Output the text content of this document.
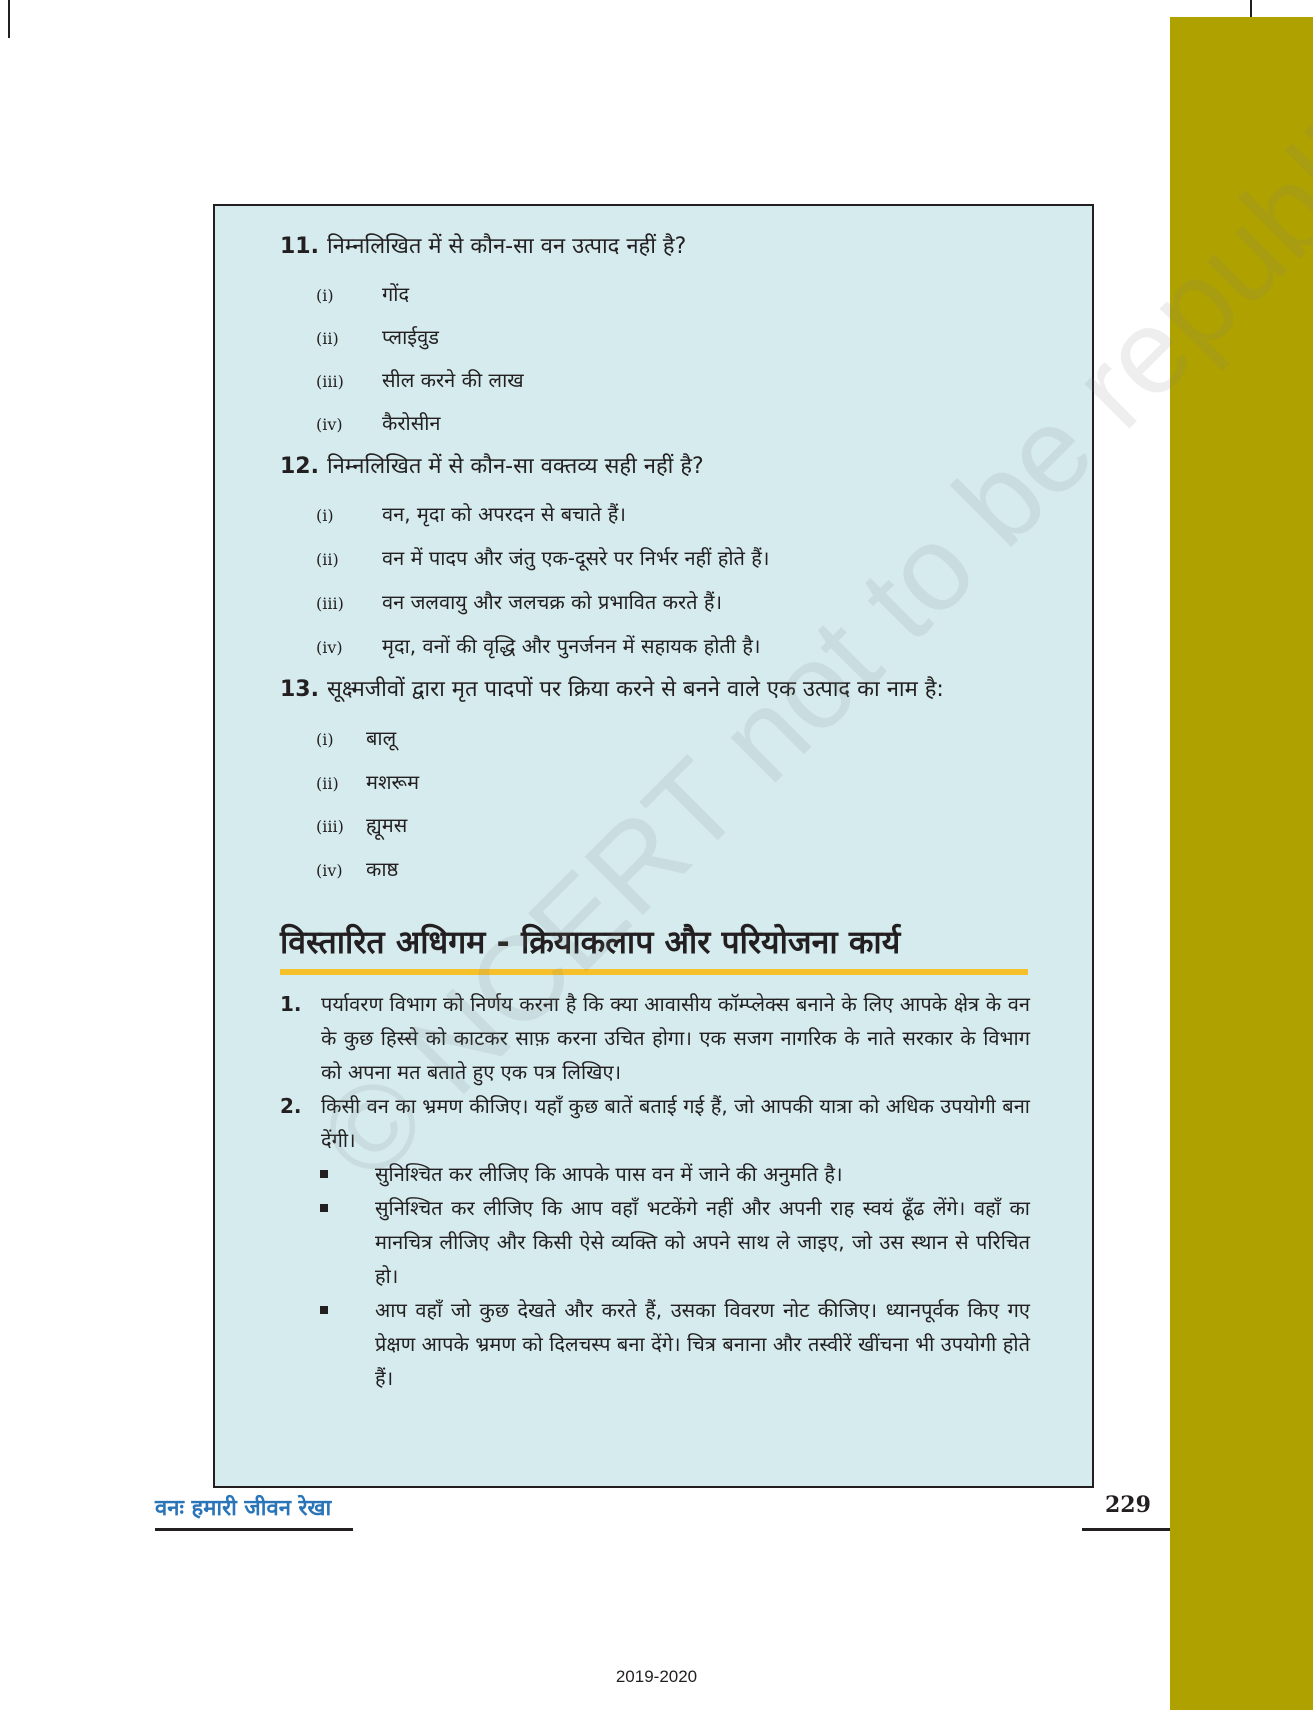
11. निम्नलिखित में से कौन-सा वन उत्पाद नहीं है?
(i) गोंद
(ii) प्लाईवुड
(iii) सील करने की लाख
(iv) कैरोसीन
12. निम्नलिखित में से कौन-सा वक्तव्य सही नहीं है?
(i) वन, मृदा को अपरदन से बचाते हैं।
(ii) वन में पादप और जंतु एक-दूसरे पर निर्भर नहीं होते हैं।
(iii) वन जलवायु और जलचक्र को प्रभावित करते हैं।
(iv) मृदा, वनों की वृद्धि और पुनर्जनन में सहायक होती है।
13. सूक्ष्मजीवों द्वारा मृत पादपों पर क्रिया करने से बनने वाले एक उत्पाद का नाम है:
(i) बालू
(ii) मशरूम
(iii) ह्यूमस
(iv) काष्ठ
विस्तारित अधिगम - क्रियाकलाप और परियोजना कार्य
1. पर्यावरण विभाग को निर्णय करना है कि क्या आवासीय कॉम्प्लेक्स बनाने के लिए आपके क्षेत्र के वन के कुछ हिस्से को काटकर साफ़ करना उचित होगा। एक सजग नागरिक के नाते सरकार के विभाग को अपना मत बताते हुए एक पत्र लिखिए।
2. किसी वन का भ्रमण कीजिए। यहाँ कुछ बातें बताई गई हैं, जो आपकी यात्रा को अधिक उपयोगी बना देंगी।
सुनिश्चित कर लीजिए कि आपके पास वन में जाने की अनुमति है।
सुनिश्चित कर लीजिए कि आप वहाँ भटकेंगे नहीं और अपनी राह स्वयं ढूँढ लेंगे। वहाँ का मानचित्र लीजिए और किसी ऐसे व्यक्ति को अपने साथ ले जाइए, जो उस स्थान से परिचित हो।
आप वहाँ जो कुछ देखते और करते हैं, उसका विवरण नोट कीजिए। ध्यानपूर्वक किए गए प्रेक्षण आपके भ्रमण को दिलचस्प बना देंगे। चित्र बनाना और तस्वीरें खींचना भी उपयोगी होते हैं।
© NCERT not to
वनः हमारी जीवन रेखा	229
2019-2020
